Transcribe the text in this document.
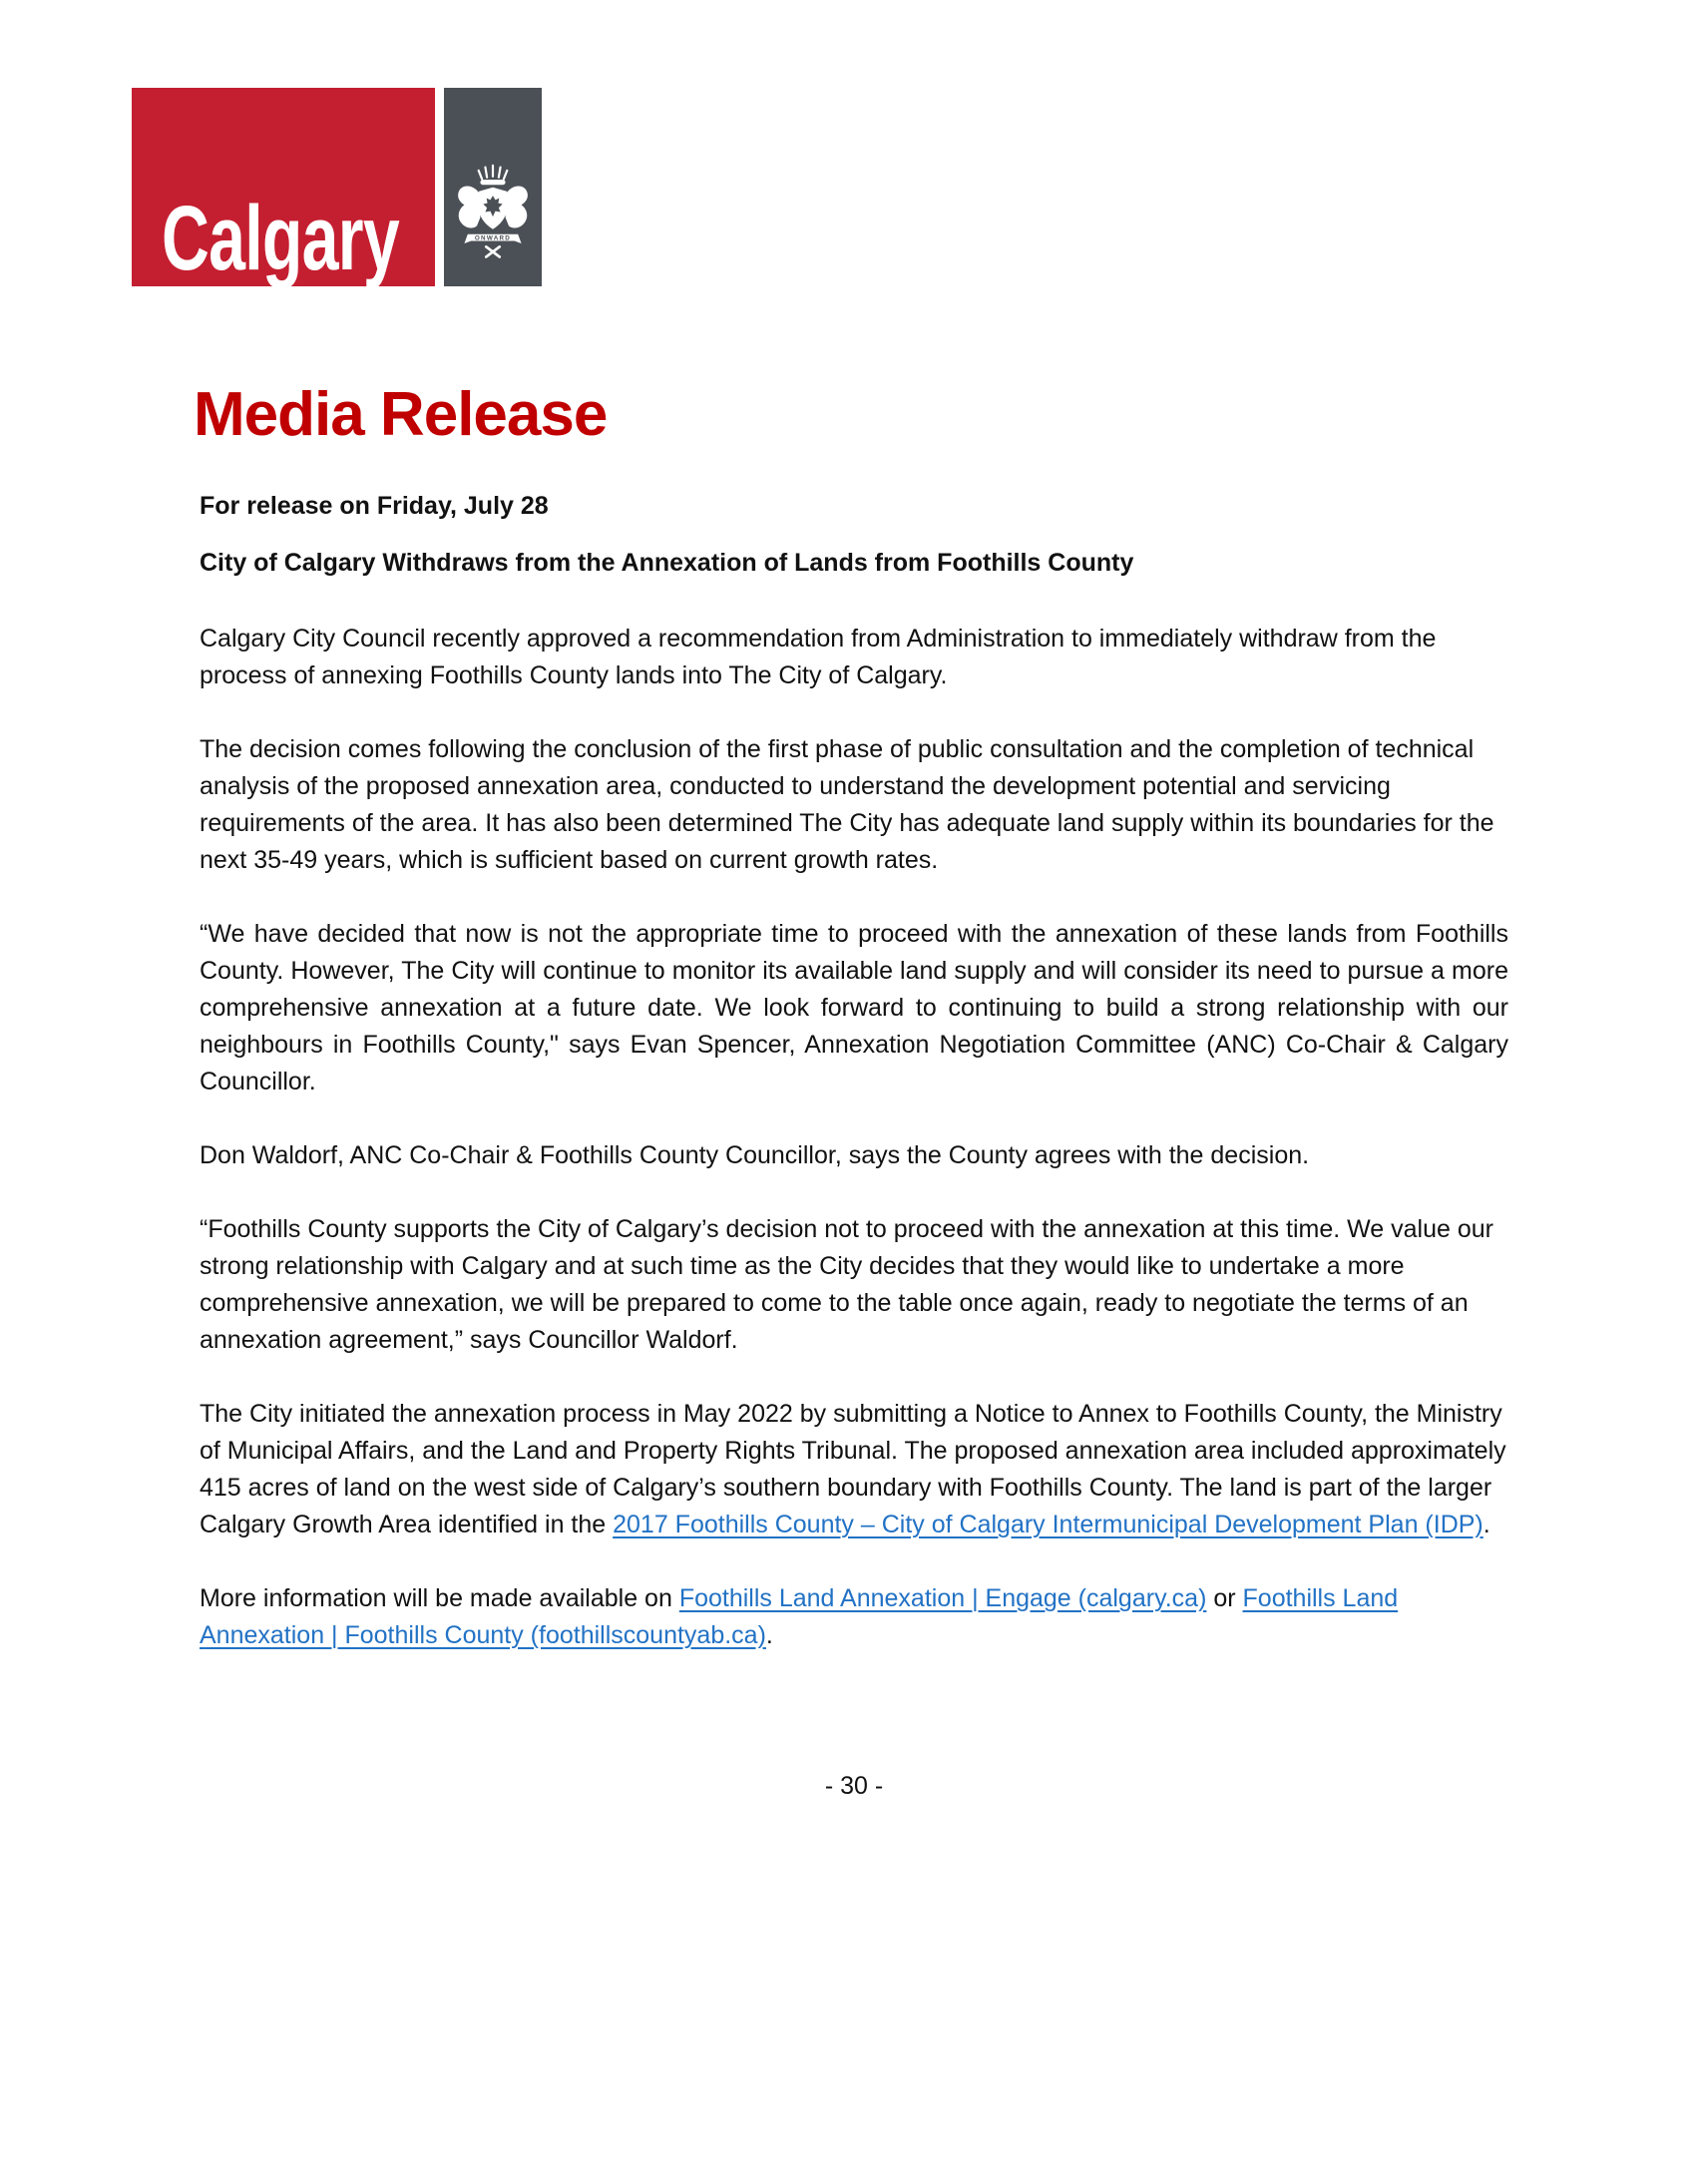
Calgary	ONWARD
Media Release

For release on Friday, July 28

City of Calgary Withdraws from the Annexation of Lands from Foothills County

Calgary City Council recently approved a recommendation from Administration to immediately withdraw from the process of annexing Foothills County lands into The City of Calgary.

The decision comes following the conclusion of the first phase of public consultation and the completion of technical analysis of the proposed annexation area, conducted to understand the development potential and servicing requirements of the area. It has also been determined The City has adequate land supply within its boundaries for the next 35-49 years, which is sufficient based on current growth rates.

“We have decided that now is not the appropriate time to proceed with the annexation of these lands from Foothills County. However, The City will continue to monitor its available land supply and will consider its need to pursue a more comprehensive annexation at a future date. We look forward to continuing to build a strong relationship with our neighbours in Foothills County," says Evan Spencer, Annexation Negotiation Committee (ANC) Co-Chair & Calgary Councillor.

Don Waldorf, ANC Co-Chair & Foothills County Councillor, says the County agrees with the decision.

“Foothills County supports the City of Calgary’s decision not to proceed with the annexation at this time. We value our strong relationship with Calgary and at such time as the City decides that they would like to undertake a more comprehensive annexation, we will be prepared to come to the table once again, ready to negotiate the terms of an annexation agreement,” says Councillor Waldorf.

The City initiated the annexation process in May 2022 by submitting a Notice to Annex to Foothills County, the Ministry of Municipal Affairs, and the Land and Property Rights Tribunal. The proposed annexation area included approximately 415 acres of land on the west side of Calgary’s southern boundary with Foothills County. The land is part of the larger Calgary Growth Area identified in the 2017 Foothills County – City of Calgary Intermunicipal Development Plan (IDP).

More information will be made available on Foothills Land Annexation | Engage (calgary.ca) or Foothills Land Annexation | Foothills County (foothillscountyab.ca).

- 30 -
